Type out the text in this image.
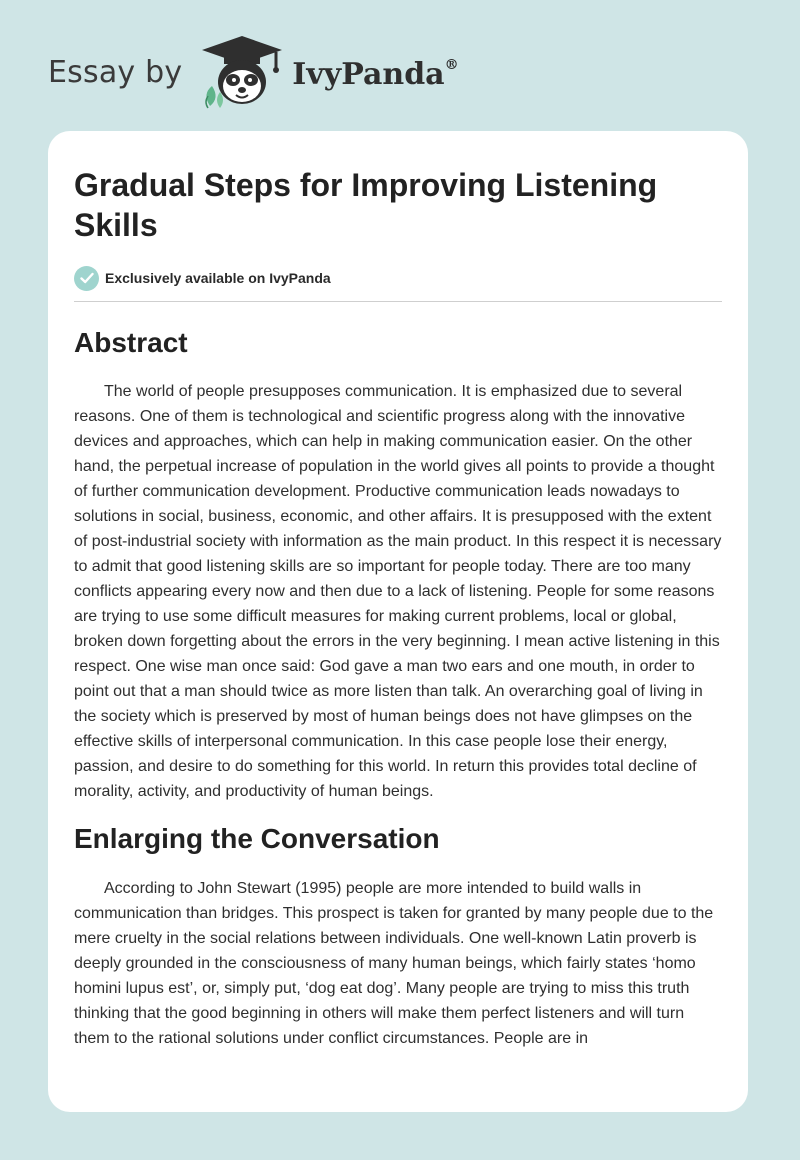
Essay by	IvyPanda®
Gradual Steps for Improving Listening Skills
Exclusively available on IvyPanda
Abstract

The world of people presupposes communication. It is emphasized due to several reasons. One of them is technological and scientific progress along with the innovative devices and approaches, which can help in making communication easier. On the other hand, the perpetual increase of population in the world gives all points to provide a thought of further communication development. Productive communication leads nowadays to solutions in social, business, economic, and other affairs. It is presupposed with the extent of post-industrial society with information as the main product. In this respect it is necessary to admit that good listening skills are so important for people today. There are too many conflicts appearing every now and then due to a lack of listening. People for some reasons are trying to use some difficult measures for making current problems, local or global, broken down forgetting about the errors in the very beginning. I mean active listening in this respect. One wise man once said: God gave a man two ears and one mouth, in order to point out that a man should twice as more listen than talk. An overarching goal of living in the society which is preserved by most of human beings does not have glimpses on the effective skills of interpersonal communication. In this case people lose their energy, passion, and desire to do something for this world. In return this provides total decline of morality, activity, and productivity of human beings.

Enlarging the Conversation

According to John Stewart (1995) people are more intended to build walls in communication than bridges. This prospect is taken for granted by many people due to the mere cruelty in the social relations between individuals. One well-known Latin proverb is deeply grounded in the consciousness of many human beings, which fairly states ‘homo homini lupus est’, or, simply put, ‘dog eat dog’. Many people are trying to miss this truth thinking that the good beginning in others will make them perfect listeners and will turn them to the rational solutions under conflict circumstances. People are in
